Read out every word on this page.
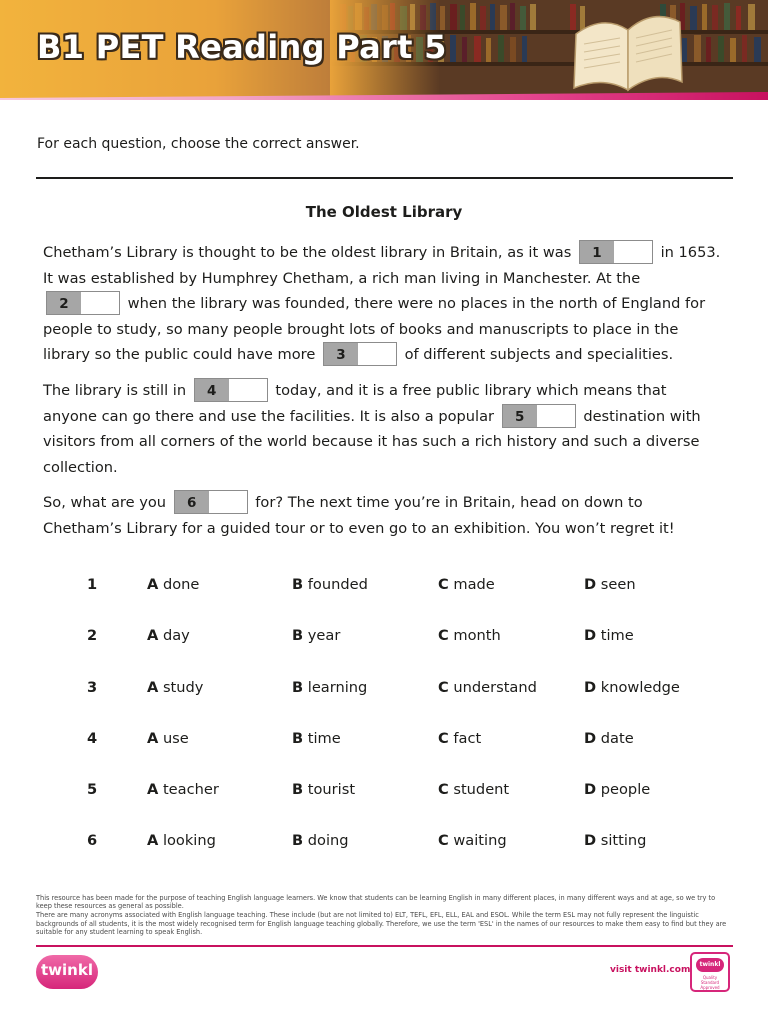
B1 PET Reading Part 5

For each question, choose the correct answer.

The Oldest Library

Chetham’s Library is thought to be the oldest library in Britain, as it was 1	in 1653. It was established by Humphrey Chetham, a rich man living in Manchester. At the 2	when the library was founded, there were no places in the north of England for people to study, so many people brought lots of books and manuscripts to place in the library so the public could have more 3	of different subjects and specialities.

The library is still in 4	today, and it is a free public library which means that anyone can go there and use the facilities. It is also a popular 5	destination with visitors from all corners of the world because it has such a rich history and such a diverse collection.

So, what are you 6	for? The next time you’re in Britain, head on down to Chetham’s Library for a guided tour or to even go to an exhibition. You won’t regret it!

1	A done	B founded	C made	D seen
2	A day	B year	C month	D time
3	A study	B learning	C understand	D knowledge
4	A use	B time	C fact	D date
5	A teacher	B tourist	C student	D people
6	A looking	B doing	C waiting	D sitting

This resource has been made for the purpose of teaching English language learners. We know that students can be learning English in many different places, in many different ways and at age, so we try to keep these resources as general as possible.

There are many acronyms associated with English language teaching. These include (but are not limited to) ELT, TEFL, EFL, ELL, EAL and ESOL. While the term ESL may not fully represent the linguistic backgrounds of all students, it is the most widely recognised term for English language teaching globally. Therefore, we use the term 'ESL' in the names of our resources to make them easy to find but they are suitable for any student learning to speak English.

twinkl	visit twinkl.com
twinkl
Quality Standard Approved
